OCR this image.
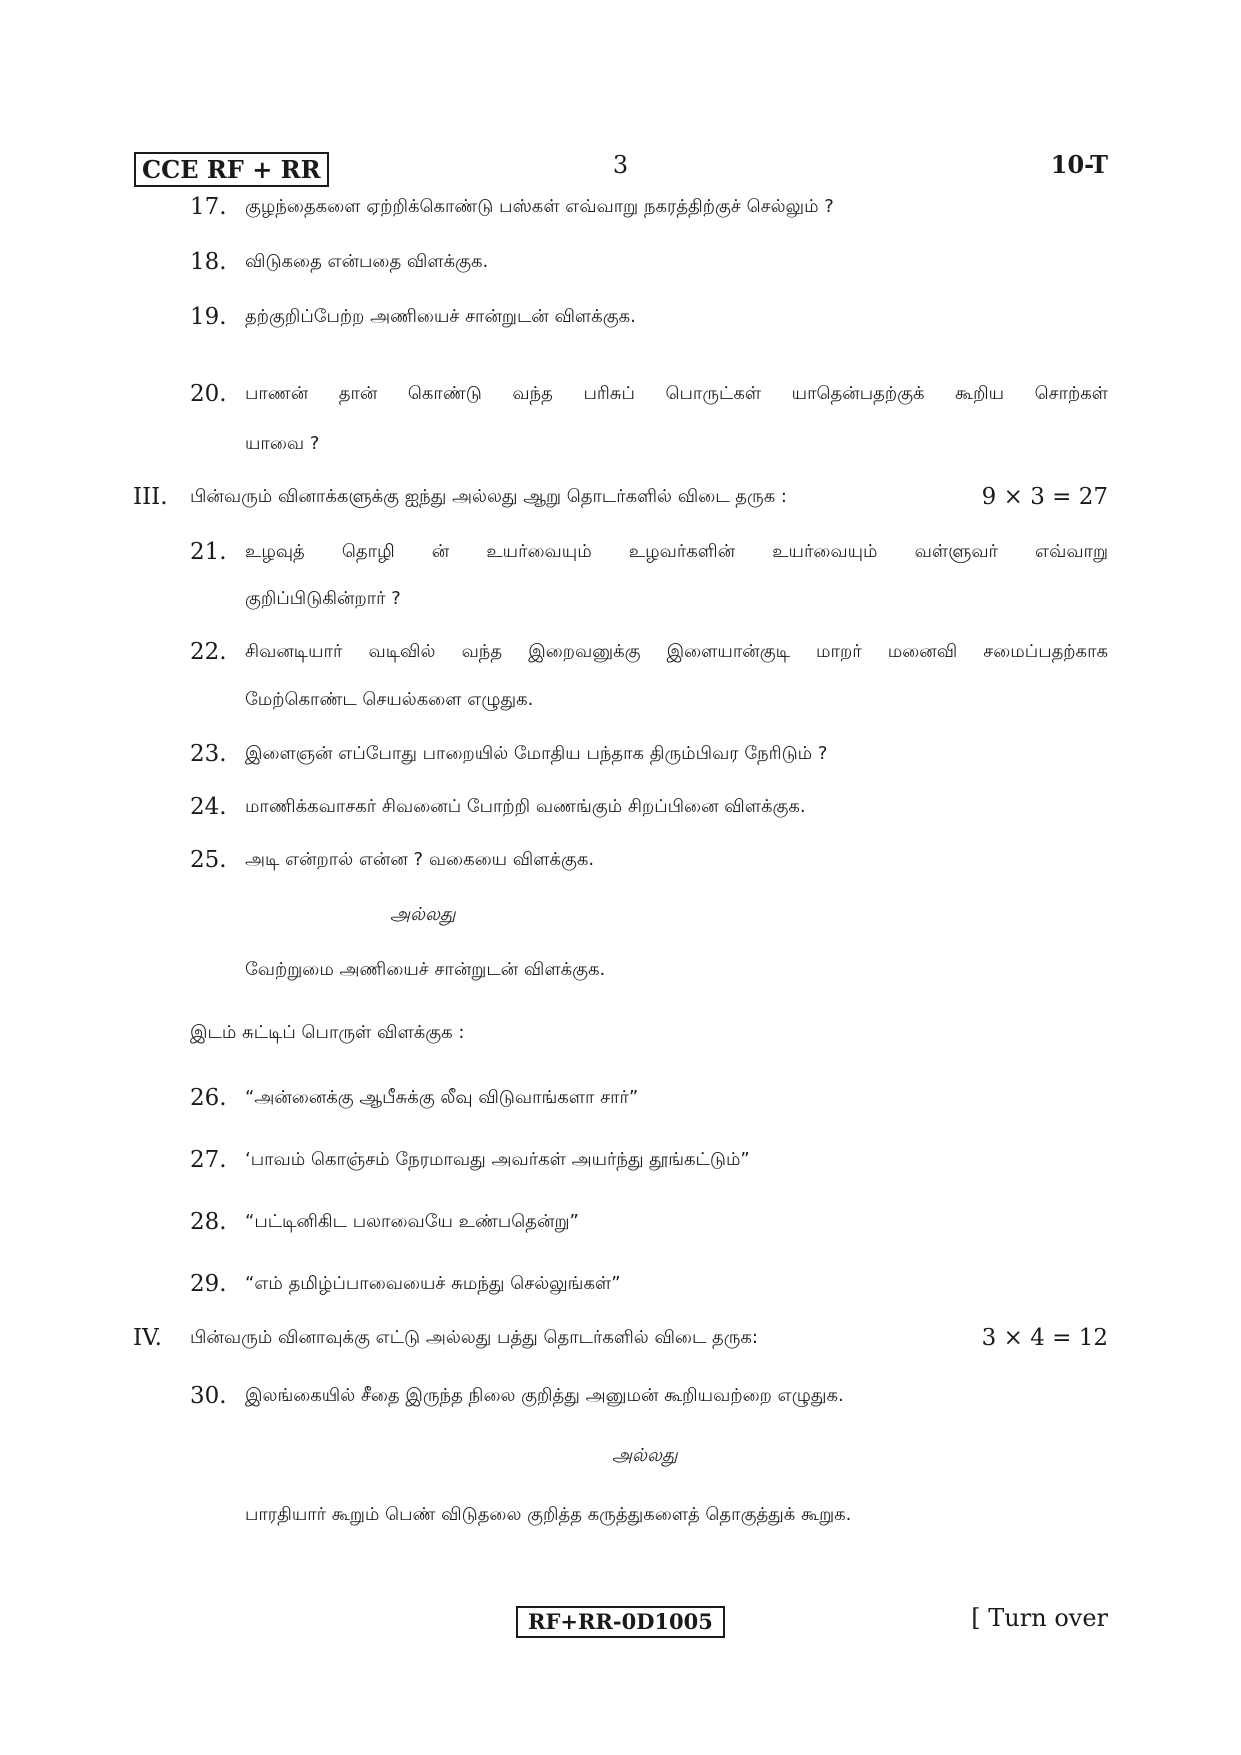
CCE RF + RR	3	10-T
17. குழந்தைகளை ஏற்றிக்கொண்டு பஸ்கள் எவ்வாறு நகரத்திற்குச் செல்லும் ?
18. விடுகதை என்பதை விளக்குக.
19. தற்குறிப்பேற்ற அணியைச் சான்றுடன் விளக்குக.
20. பாணன் தான் கொண்டு வந்த பரிசுப் பொருட்கள் யாதென்பதற்குக் கூறிய சொற்கள்
யாவை ?
III. பின்வரும் வினாக்களுக்கு ஐந்து அல்லது ஆறு தொடர்களில் விடை தருக :	9 × 3 = 27
21. உழவுத் தொழி ன் உயர்வையும் உழவர்களின் உயர்வையும் வள்ளுவர் எவ்வாறு
குறிப்பிடுகின்றார் ?
22. சிவனடியார் வடிவில் வந்த இறைவனுக்கு இளையான்குடி மாறர் மனைவி சமைப்பதற்காக
மேற்கொண்ட செயல்களை எழுதுக.
23. இளைஞன் எப்போது பாறையில் மோதிய பந்தாக திரும்பிவர நேரிடும் ?
24. மாணிக்கவாசகர் சிவனைப் போற்றி வணங்கும் சிறப்பினை விளக்குக.
25. அடி என்றால் என்ன ? வகையை விளக்குக.
அல்லது
வேற்றுமை அணியைச் சான்றுடன் விளக்குக.
இடம் சுட்டிப் பொருள் விளக்குக :
26. “அன்னைக்கு ஆபீசுக்கு லீவு விடுவாங்களா சார்”
27. ‘பாவம் கொஞ்சம் நேரமாவது அவர்கள் அயர்ந்து தூங்கட்டும்”
28. “பட்டினிகிட பலாவையே உண்பதென்று”
29. “எம் தமிழ்ப்பாவையைச் சுமந்து செல்லுங்கள்”
IV. பின்வரும் வினாவுக்கு எட்டு அல்லது பத்து தொடர்களில் விடை தருக:	3 × 4 = 12
30. இலங்கையில் சீதை இருந்த நிலை குறித்து அனுமன் கூறியவற்றை எழுதுக.
அல்லது
பாரதியார் கூறும் பெண் விடுதலை குறித்த கருத்துகளைத் தொகுத்துக் கூறுக.
RF+RR-0D1005	[ Turn over
